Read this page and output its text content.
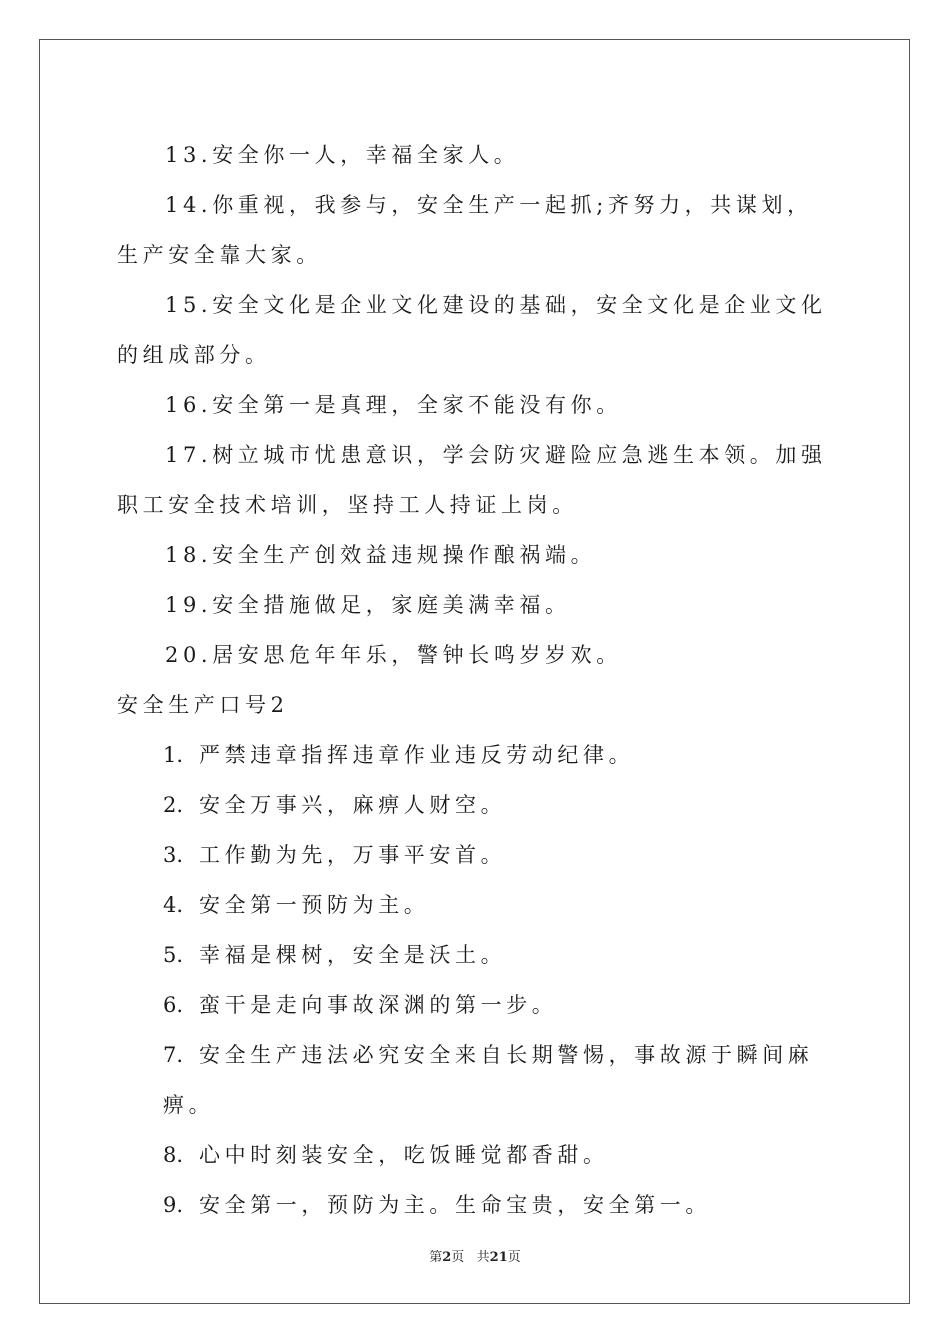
13.安全你一人，幸福全家人。

14.你重视，我参与，安全生产一起抓;齐努力，共谋划，生产安全靠大家。

15.安全文化是企业文化建设的基础，安全文化是企业文化的组成部分。

16.安全第一是真理，全家不能没有你。

17.树立城市忧患意识，学会防灾避险应急逃生本领。加强职工安全技术培训，坚持工人持证上岗。

18.安全生产创效益违规操作酿祸端。

19.安全措施做足，家庭美满幸福。

20.居安思危年年乐，警钟长鸣岁岁欢。

安全生产口号2

1. 严禁违章指挥违章作业违反劳动纪律。

2. 安全万事兴，麻痹人财空。

3. 工作勤为先，万事平安首。

4. 安全第一预防为主。

5. 幸福是棵树，安全是沃土。

6. 蛮干是走向事故深渊的第一步。

7. 安全生产违法必究安全来自长期警惕，事故源于瞬间麻痹。

8. 心中时刻装安全，吃饭睡觉都香甜。

9. 安全第一，预防为主。生命宝贵，安全第一。

第2页   共21页
